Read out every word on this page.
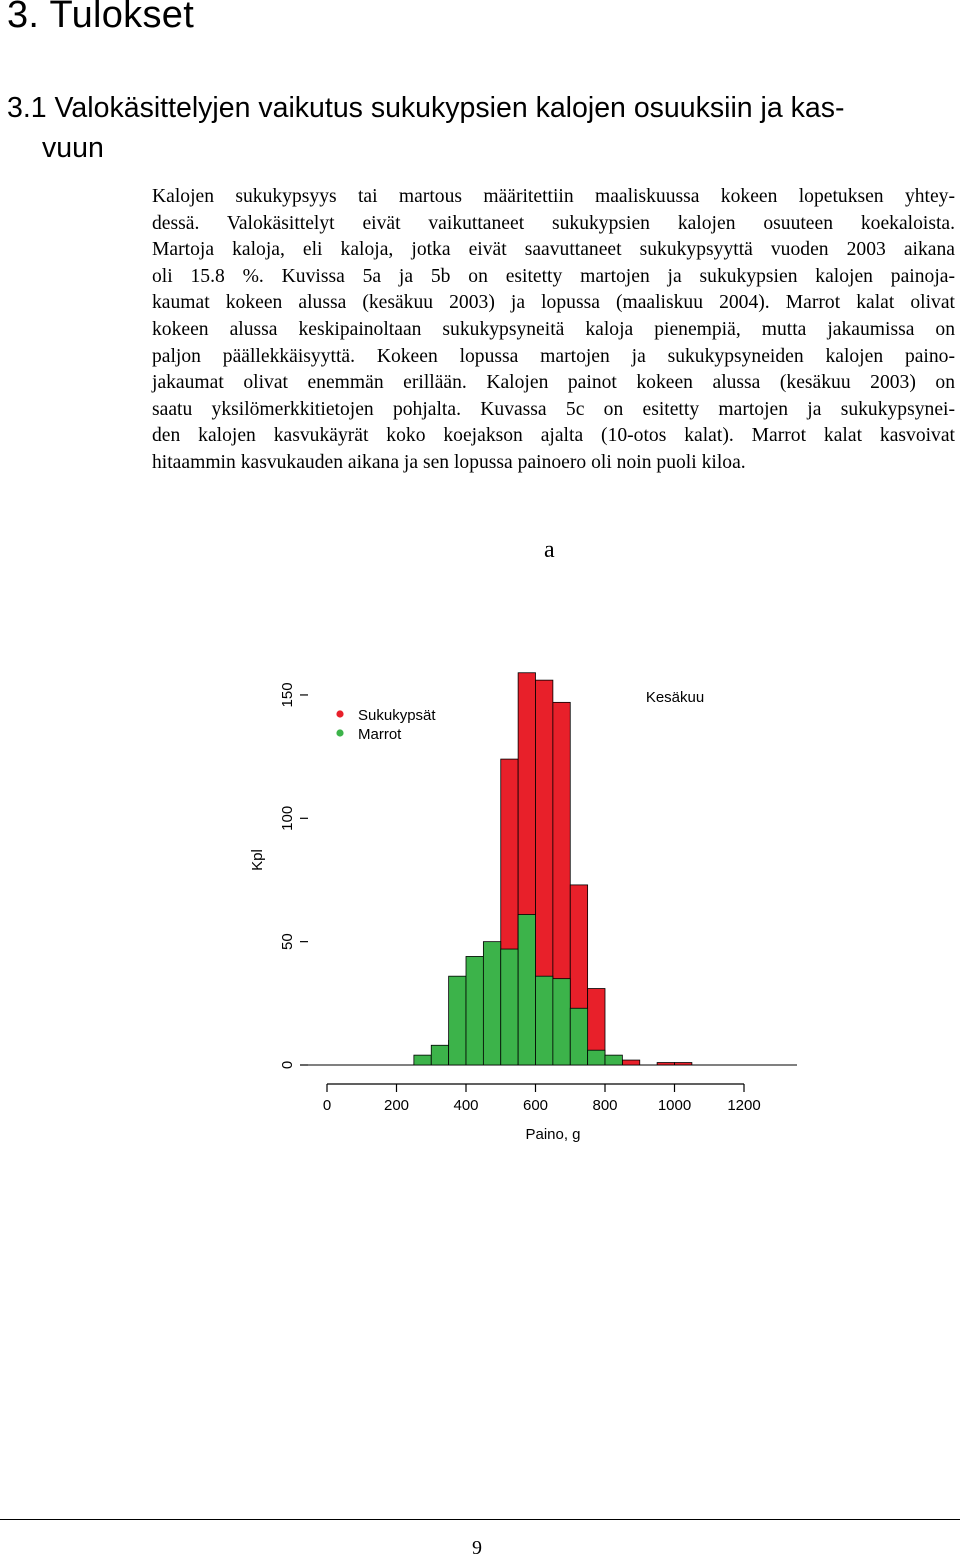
3. Tulokset
3.1 Valokäsittelyjen vaikutus sukukypsien kalojen osuuksiin ja kas-
vuun
Kalojen sukukypsyys tai martous määritettiin maaliskuussa kokeen lopetuksen yhtey-
dessä. Valokäsittelyt eivät vaikuttaneet sukukypsien kalojen osuuteen koekaloista.
Martoja kaloja, eli kaloja, jotka eivät saavuttaneet sukukypsyyttä vuoden 2003 aikana
oli 15.8 %. Kuvissa 5a ja 5b on esitetty martojen ja sukukypsien kalojen painoja-
kaumat kokeen alussa (kesäkuu 2003) ja lopussa (maaliskuu 2004). Marrot kalat olivat
kokeen alussa keskipainoltaan sukukypsyneitä kaloja pienempiä, mutta jakaumissa on
paljon päällekkäisyyttä. Kokeen lopussa martojen ja sukukypsyneiden kalojen paino-
jakaumat olivat enemmän erillään. Kalojen painot kokeen alussa (kesäkuu 2003) on
saatu yksilömerkkitietojen pohjalta. Kuvassa 5c on esitetty martojen ja sukukypsynei-
den kalojen kasvukäyrät koko koejakson ajalta (10-otos kalat). Marrot kalat kasvoivat
hitaammin kasvukauden aikana ja sen lopussa painoero oli noin puoli kiloa.
a
0	200	400	600	800	1000 1200
Paino, g
0
50
100
150
Kpl
Kesäkuu
Sukukypsät
Marrot
9
